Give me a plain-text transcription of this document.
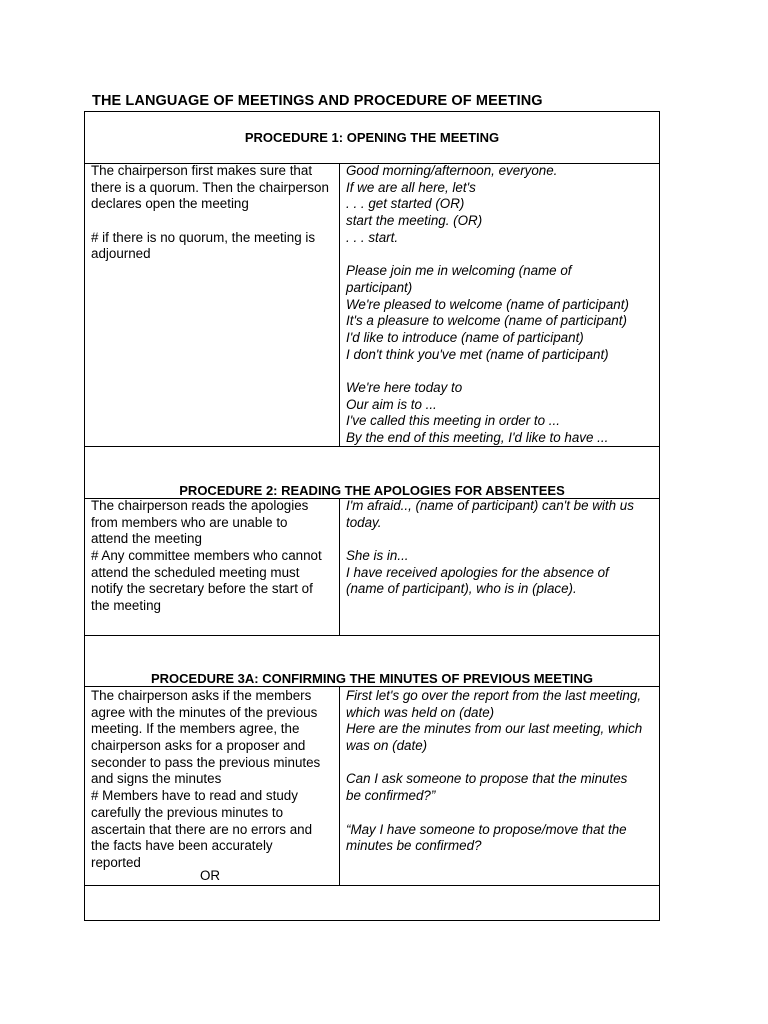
THE LANGUAGE OF MEETINGS AND PROCEDURE OF MEETING
PROCEDURE 1: OPENING THE MEETING
The chairperson first makes sure that
there is a quorum. Then the chairperson
declares open the meeting
# if there is no quorum, the meeting is
adjourned
Good morning/afternoon, everyone.
If we are all here, let's
. . . get started (OR)
start the meeting. (OR)
. . . start.
Please join me in welcoming (name of
participant)
We're pleased to welcome (name of participant)
It's a pleasure to welcome (name of participant)
I'd like to introduce (name of participant)
I don't think you've met (name of participant)
We're here today to
Our aim is to ...
I've called this meeting in order to ...
By the end of this meeting, I'd like to have ...
PROCEDURE 2: READING THE APOLOGIES FOR ABSENTEES
The chairperson reads the apologies
from members who are unable to
attend the meeting
# Any committee members who cannot
attend the scheduled meeting must
notify the secretary before the start of
the meeting
I'm afraid.., (name of participant) can't be with us
today.
She is in...
I have received apologies for the absence of
(name of participant), who is in (place).
PROCEDURE 3A: CONFIRMING THE MINUTES OF PREVIOUS MEETING
The chairperson asks if the members
agree with the minutes of the previous
meeting. If the members agree, the
chairperson asks for a proposer and
seconder to pass the previous minutes
and signs the minutes
# Members have to read and study
carefully the previous minutes to
ascertain that there are no errors and
the facts have been accurately
reported
OR
First let's go over the report from the last meeting,
which was held on (date)
Here are the minutes from our last meeting, which
was on (date)
Can I ask someone to propose that the minutes
be confirmed?”
“May I have someone to propose/move that the
minutes be confirmed?
